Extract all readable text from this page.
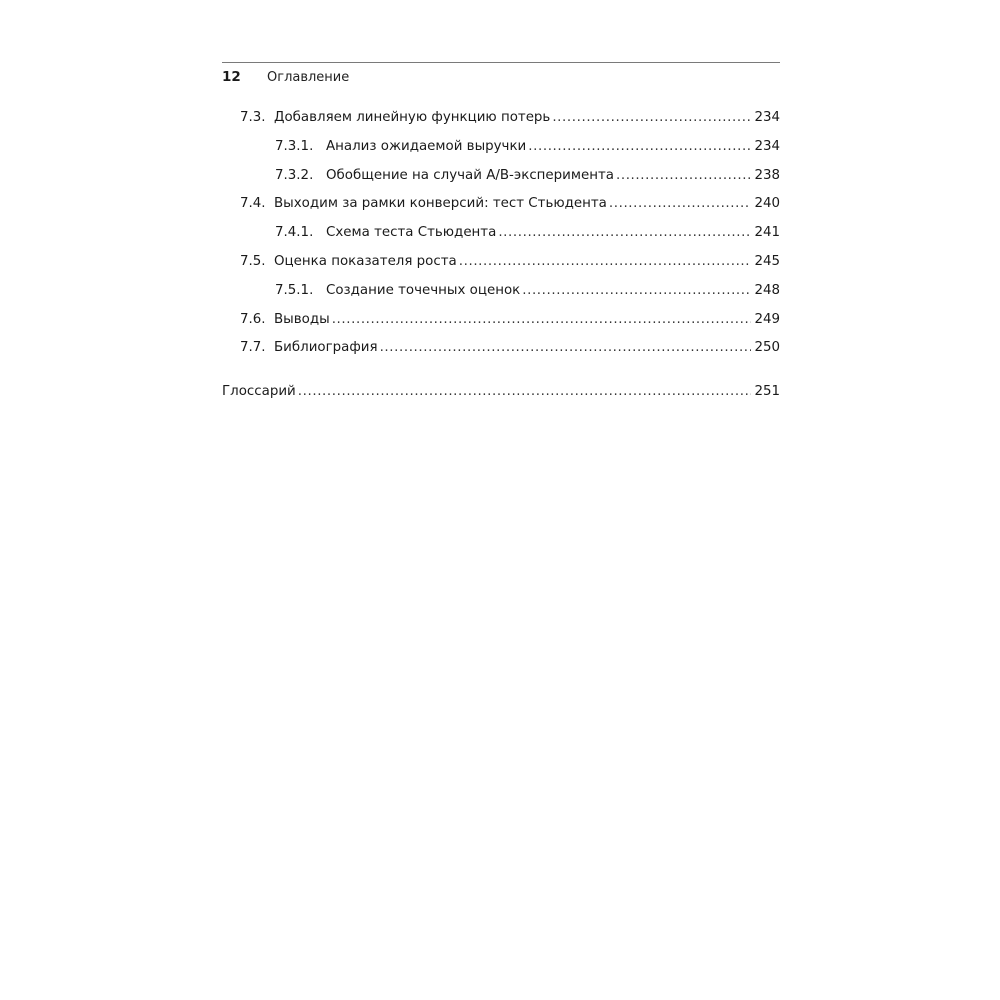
12	Оглавление
7.3. Добавляем линейную функцию потерь .....	234
7.3.1. Анализ ожидаемой выручки .....	234
7.3.2. Обобщение на случай A/B-эксперимента .....	238
7.4. Выходим за рамки конверсий: тест Стьюдента .....	240
7.4.1. Схема теста Стьюдента .....	241
7.5. Оценка показателя роста .....	245
7.5.1. Создание точечных оценок .....	248
7.6. Выводы .....	249
7.7. Библиография .....	250
Глоссарий .....	251
